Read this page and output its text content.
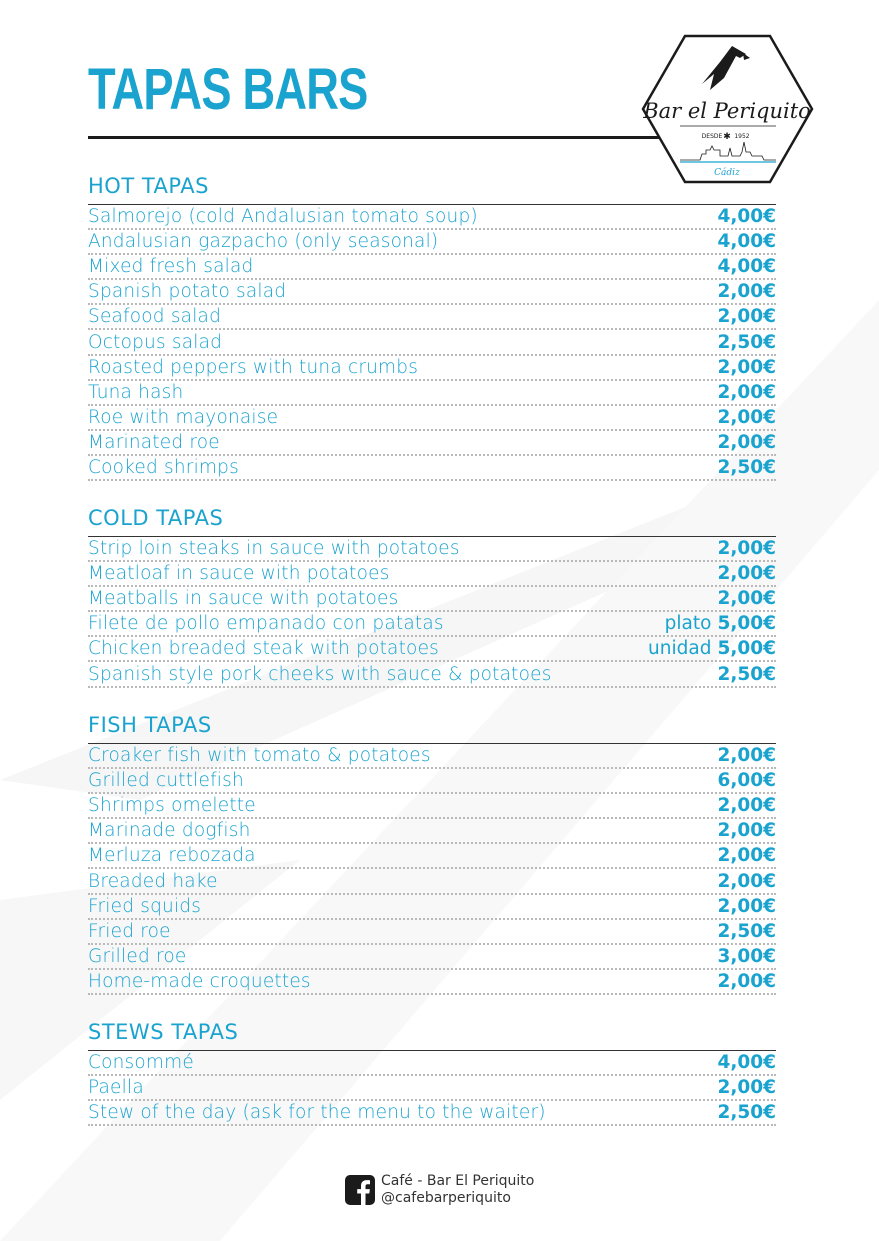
TAPAS BARS	Bar el Periquito
DESDE ✱ 1952
Cádiz
HOT TAPAS
Salmorejo (cold Andalusian tomato soup)	4,00€
Andalusian gazpacho (only seasonal)	4,00€
Mixed fresh salad	4,00€
Spanish potato salad	2,00€
Seafood salad	2,00€
Octopus salad	2,50€
Roasted peppers with tuna crumbs	2,00€
Tuna hash	2,00€
Roe with mayonaise	2,00€
Marinated roe	2,00€
Cooked shrimps	2,50€
COLD TAPAS
Strip loin steaks in sauce with potatoes	2,00€
Meatloaf in sauce with potatoes	2,00€
Meatballs in sauce with potatoes	2,00€
Filete de pollo empanado con patatas	plato 5,00€
Chicken breaded steak with potatoes	unidad 5,00€
Spanish style pork cheeks with sauce & potatoes	2,50€
FISH TAPAS
Croaker fish with tomato & potatoes	2,00€
Grilled cuttlefish	6,00€
Shrimps omelette	2,00€
Marinade dogfish	2,00€
Merluza rebozada	2,00€
Breaded hake	2,00€
Fried squids	2,00€
Fried roe	2,50€
Grilled roe	3,00€
Home-made croquettes	2,00€
STEWS TAPAS
Consommé	4,00€
Paella	2,00€
Stew of the day (ask for the menu to the waiter)	2,50€
Café - Bar El Periquito
@cafebarperiquito
